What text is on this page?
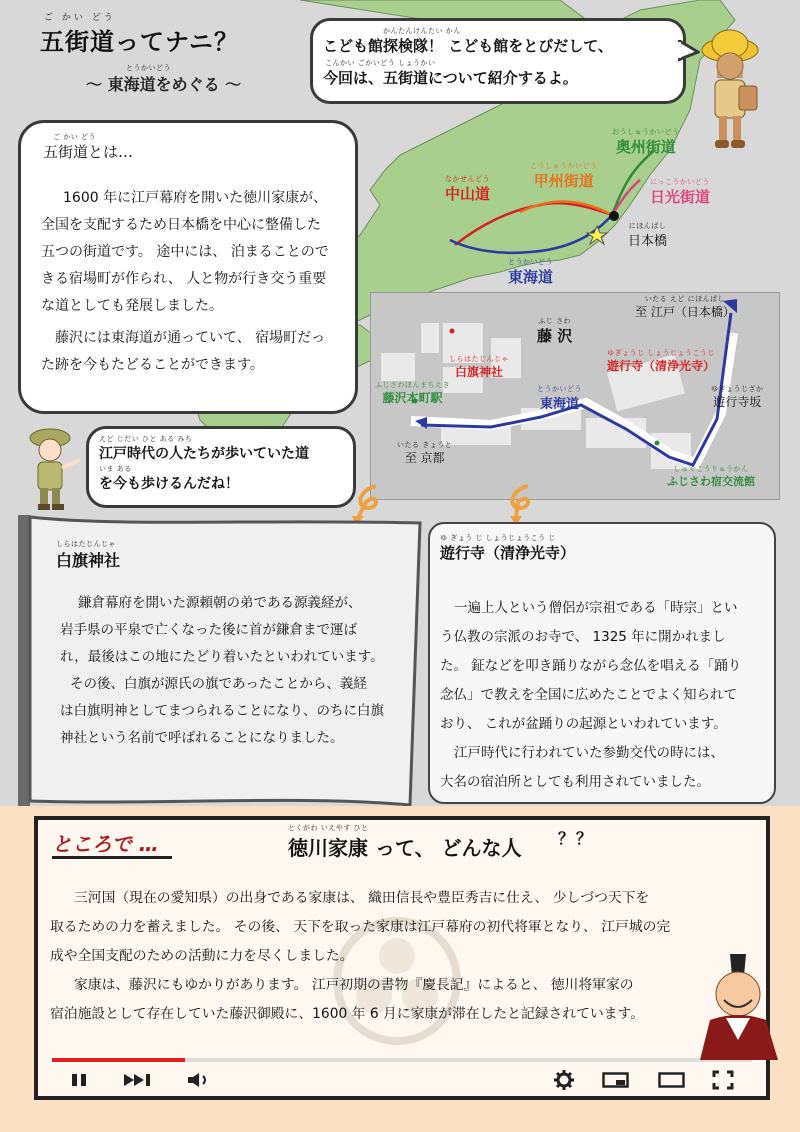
おうしゅうかいどう
奥州街道
こうしゅうかいどう
甲州街道
なかせんどう
中山道
にっこうかいどう
日光街道
にほんばし
日本橋
とうかいどう
東海道
ご かい どう
五街道ってナニ？
とうかいどう
～ 東海道をめぐる ～
かんたんけんたい かん
こども館探検隊！ こども館をとびだして、
こんかい ごかいどう しょうかい
今回は、五街道について紹介するよ。
ご かい どう
五街道とは…
1600 年に江戸幕府を開いた徳川家康が、
全国を支配するため日本橋を中心に整備した
五つの街道です。 途中には、 泊まることので
きる宿場町が作られ、 人と物が行き交う重要
な道としても発展しました。
藤沢には東海道が通っていて、 宿場町だっ
た跡を今もたどることができます。
ふじ さわ
藤 沢
いたる えど にほんばし
至 江戸（日本橋）
しらはたじんじゃ
白旗神社
ゆぎょうじ しょうじょうこうじ
遊行寺（清浄光寺）
ふじさわほんまちえき
藤沢本町駅
とうかいどう
東海道
ゆぎょうじざか
遊行寺坂
いたる きょうと
至 京都
しゅくこうりゅうかん
ふじさわ宿交流館
えど じだい ひと ある みち
江戸時代の人たちが歩いていた道
いま ある
を今も歩けるんだね！
しらはたじんじゃ
白旗神社
鎌倉幕府を開いた源頼朝の弟である源義経が、
岩手県の平泉で亡くなった後に首が鎌倉まで運ば
れ，最後はこの地にたどり着いたといわれています。
その後、白旗が源氏の旗であったことから、義経
は白旗明神としてまつられることになり、のちに白旗
神社という名前で呼ばれることになりました。
ゆ ぎょう じ しょうじょうこう じ
遊行寺（清浄光寺）
一遍上人という僧侶が宗祖である「時宗」とい
う仏教の宗派のお寺で、 1325 年に開かれまし
た。 鉦などを叩き踊りながら念仏を唱える「踊り
念仏」で教えを全国に広めたことでよく知られて
おり、 これが盆踊りの起源といわれています。
江戸時代に行われていた参勤交代の時には、
大名の宿泊所としても利用されていました。
ところで …
とくがわ いえやす ひと
徳川家康 って、 どんな人 ？？
三河国（現在の愛知県）の出身である家康は、 織田信長や豊臣秀吉に仕え、 少しづつ天下を
取るための力を蓄えました。 その後、 天下を取った家康は江戸幕府の初代将軍となり、 江戸城の完
成や全国支配のための活動に力を尽くしました。
家康は、藤沢にもゆかりがあります。 江戸初期の書物『慶長記』によると、 徳川将軍家の
宿泊施設として存在していた藤沢御殿に、1600 年 6 月に家康が滞在したと記録されています。
